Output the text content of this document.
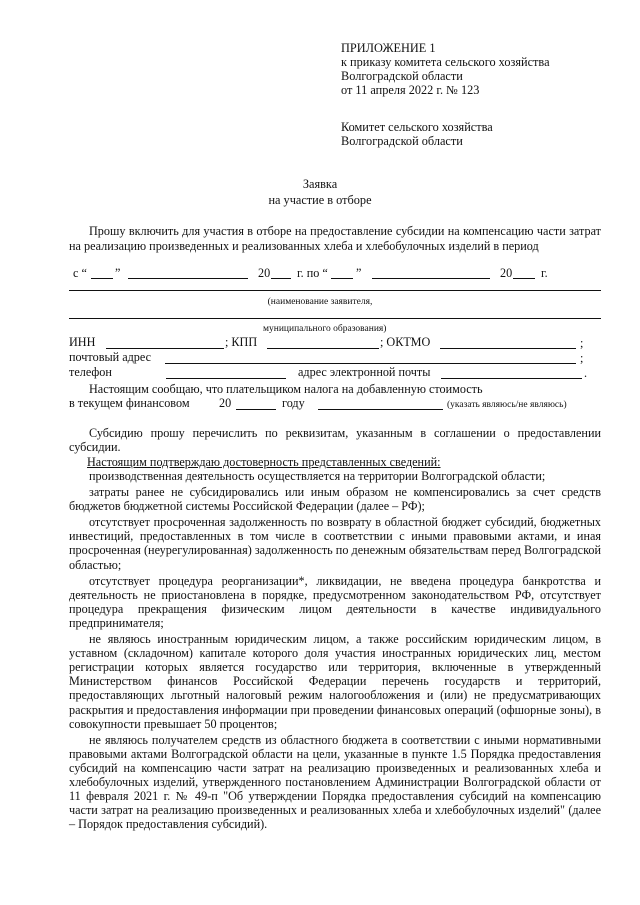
ПРИЛОЖЕНИЕ 1
к приказу комитета сельского хозяйства
Волгоградской области
от 11 апреля 2022 г. № 123
Комитет сельского хозяйства
Волгоградской области
Заявка
на участие в отборе
Прошу включить для участия в отборе на предоставление субсидии на компенсацию части затрат на реализацию произведенных и реализованных хлеба и хлебобулочных изделий в период
с “ ”	20 г. по “ ”	20 г.
(наименование заявителя,
муниципального образования)
ИНН	; КПП	; ОКТМО	;
почтовый адрес	;
телефон	адрес электронной почты	.
Настоящим сообщаю, что плательщиком налога на добавленную стоимость
в текущем финансовом 20	году	(указать являюсь/не являюсь)
Субсидию прошу перечислить по реквизитам, указанным в соглашении о предоставлении субсидии.
Настоящим подтверждаю достоверность представленных сведений:

производственная деятельность осуществляется на территории Волгоградской области;

затраты ранее не субсидировались или иным образом не компенсировались за счет средств бюджетов бюджетной системы Российской Федерации (далее – РФ);

отсутствует просроченная задолженность по возврату в областной бюджет субсидий, бюджетных инвестиций, предоставленных в том числе в соответствии с иными правовыми актами, и иная просроченная (неурегулированная) задолженность по денежным обязательствам перед Волгоградской областью;

отсутствует процедура реорганизации*, ликвидации, не введена процедура банкротства и деятельность не приостановлена в порядке, предусмотренном законодательством РФ, отсутствует процедура прекращения физическим лицом деятельности в качестве индивидуального предпринимателя;

не являюсь иностранным юридическим лицом, а также российским юридическим лицом, в уставном (складочном) капитале которого доля участия иностранных юридических лиц, местом регистрации которых является государство или территория, включенные в утвержденный Министерством финансов Российской Федерации перечень государств и территорий, предоставляющих льготный налоговый режим налогообложения и (или) не предусматривающих раскрытия и предоставления информации при проведении финансовых операций (офшорные зоны), в совокупности превышает 50 процентов;

не являюсь получателем средств из областного бюджета в соответствии с иными нормативными правовыми актами Волгоградской области на цели, указанные в пункте 1.5 Порядка предоставления субсидий на компенсацию части затрат на реализацию произведенных и реализованных хлеба и хлебобулочных изделий, утвержденного постановлением Администрации Волгоградской области от 11 февраля 2021 г. № 49-п "Об утверждении Порядка предоставления субсидий на компенсацию части затрат на реализацию произведенных и реализованных хлеба и хлебобулочных изделий" (далее – Порядок предоставления субсидий).
